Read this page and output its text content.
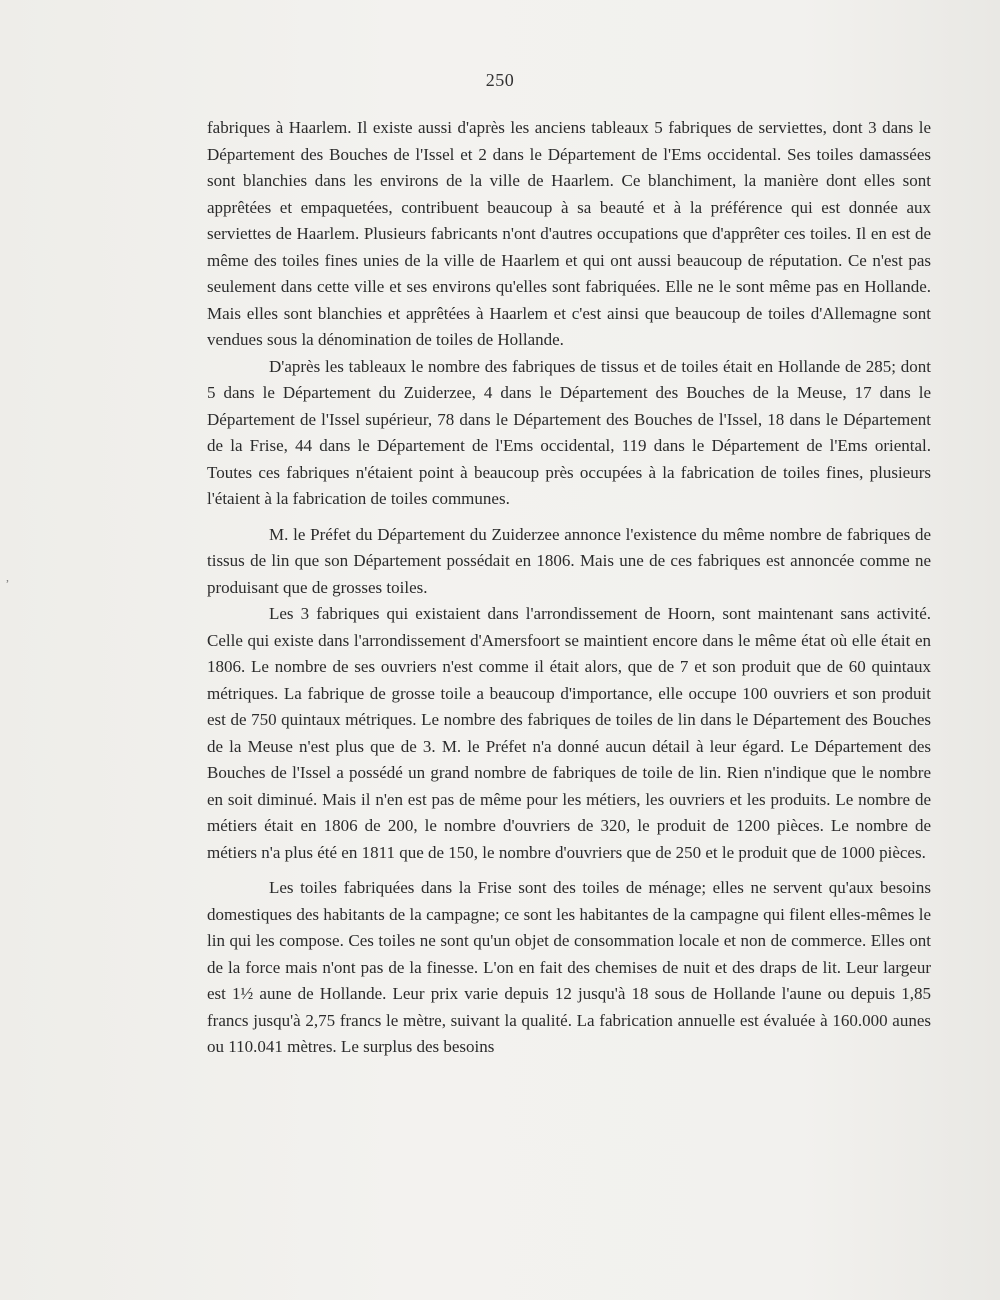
250

fabriques à Haarlem. Il existe aussi d'après les anciens tableaux 5 fabriques de serviettes, dont 3 dans le Département des Bouches de l'Issel et 2 dans le Département de l'Ems occidental. Ses toiles damassées sont blanchies dans les environs de la ville de Haarlem. Ce blanchiment, la manière dont elles sont apprêtées et empaquetées, contribuent beaucoup à sa beauté et à la préférence qui est donnée aux serviettes de Haarlem. Plusieurs fabricants n'ont d'autres occupations que d'apprêter ces toiles. Il en est de même des toiles fines unies de la ville de Haarlem et qui ont aussi beaucoup de réputation. Ce n'est pas seulement dans cette ville et ses environs qu'elles sont fabriquées. Elle ne le sont même pas en Hollande. Mais elles sont blanchies et apprêtées à Haarlem et c'est ainsi que beaucoup de toiles d'Allemagne sont vendues sous la dénomination de toiles de Hollande.

D'après les tableaux le nombre des fabriques de tissus et de toiles était en Hollande de 285; dont 5 dans le Département du Zuiderzee, 4 dans le Département des Bouches de la Meuse, 17 dans le Département de l'Issel supérieur, 78 dans le Département des Bouches de l'Issel, 18 dans le Département de la Frise, 44 dans le Département de l'Ems occidental, 119 dans le Département de l'Ems oriental. Toutes ces fabriques n'étaient point à beaucoup près occupées à la fabrication de toiles fines, plusieurs l'étaient à la fabrication de toiles communes.

M. le Préfet du Département du Zuiderzee annonce l'existence du même nombre de fabriques de tissus de lin que son Département possédait en 1806. Mais une de ces fabriques est annoncée comme ne produisant que de grosses toiles.

Les 3 fabriques qui existaient dans l'arrondissement de Hoorn, sont maintenant sans activité. Celle qui existe dans l'arrondissement d'Amersfoort se maintient encore dans le même état où elle était en 1806. Le nombre de ses ouvriers n'est comme il était alors, que de 7 et son produit que de 60 quintaux métriques. La fabrique de grosse toile a beaucoup d'importance, elle occupe 100 ouvriers et son produit est de 750 quintaux métriques. Le nombre des fabriques de toiles de lin dans le Département des Bouches de la Meuse n'est plus que de 3. M. le Préfet n'a donné aucun détail à leur égard. Le Département des Bouches de l'Issel a possédé un grand nombre de fabriques de toile de lin. Rien n'indique que le nombre en soit diminué. Mais il n'en est pas de même pour les métiers, les ouvriers et les produits. Le nombre de métiers était en 1806 de 200, le nombre d'ouvriers de 320, le produit de 1200 pièces. Le nombre de métiers n'a plus été en 1811 que de 150, le nombre d'ouvriers que de 250 et le produit que de 1000 pièces.

Les toiles fabriquées dans la Frise sont des toiles de ménage; elles ne servent qu'aux besoins domestiques des habitants de la campagne; ce sont les habitantes de la campagne qui filent elles-mêmes le lin qui les compose. Ces toiles ne sont qu'un objet de consommation locale et non de commerce. Elles ont de la force mais n'ont pas de la finesse. L'on en fait des chemises de nuit et des draps de lit. Leur largeur est 1½ aune de Hollande. Leur prix varie depuis 12 jusqu'à 18 sous de Hollande l'aune ou depuis 1,85 francs jusqu'à 2,75 francs le mètre, suivant la qualité. La fabrication annuelle est évaluée à 160.000 aunes ou 110.041 mètres. Le surplus des besoins

,
